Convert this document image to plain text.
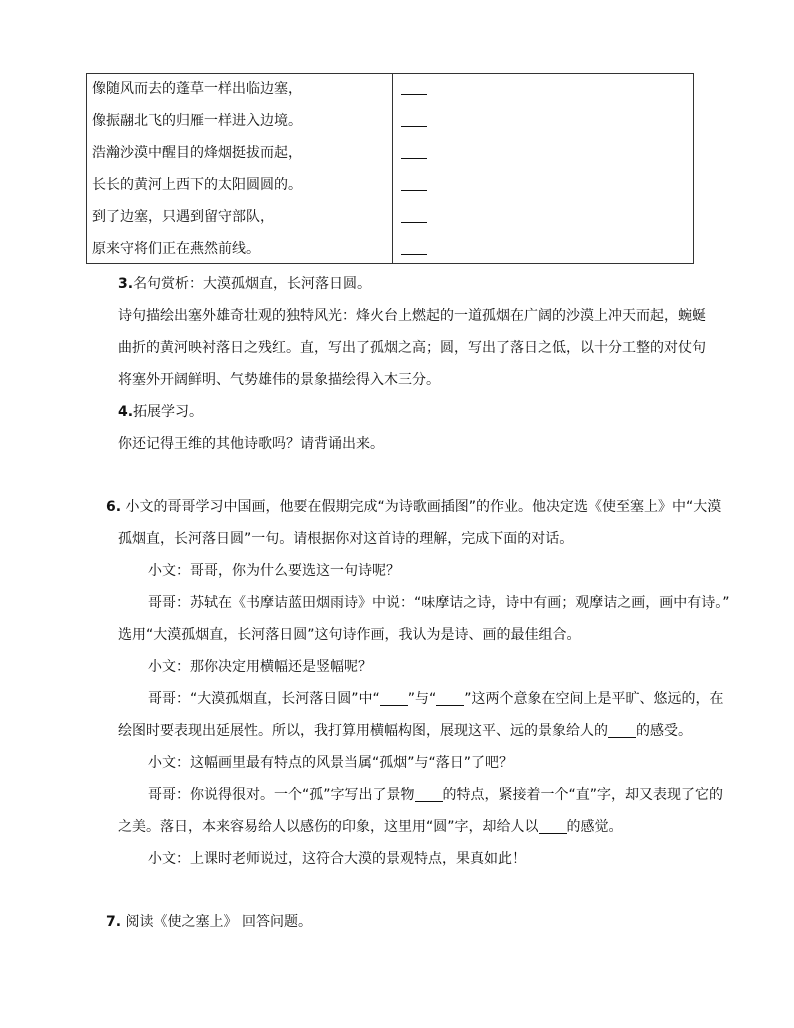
像随风而去的蓬草一样出临边塞，
像振翮北飞的归雁一样进入边境。
浩瀚沙漠中醒目的烽烟挺拔而起，
长长的黄河上西下的太阳圆圆的。
到了边塞，只遇到留守部队，
原来守将们正在燕然前线。
3.名句赏析：大漠孤烟直，长河落日圆。
诗句描绘出塞外雄奇壮观的独特风光：烽火台上燃起的一道孤烟在广阔的沙漠上冲天而起，蜿蜒
曲折的黄河映衬落日之残红。直，写出了孤烟之高；圆，写出了落日之低，以十分工整的对仗句
将塞外开阔鲜明、气势雄伟的景象描绘得入木三分。
4.拓展学习。
你还记得王维的其他诗歌吗？请背诵出来。
6. 小文的哥哥学习中国画，他要在假期完成“为诗歌画插图”的作业。他决定选《使至塞上》中“大漠
孤烟直，长河落日圆”一句。请根据你对这首诗的理解，完成下面的对话。
小文：哥哥，你为什么要选这一句诗呢？
哥哥：苏轼在《书摩诘蓝田烟雨诗》中说：“味摩诘之诗，诗中有画；观摩诘之画，画中有诗。”
选用“大漠孤烟直，长河落日圆”这句诗作画，我认为是诗、画的最佳组合。
小文：那你决定用横幅还是竖幅呢？
哥哥：“大漠孤烟直，长河落日圆”中“ ”与“ ”这两个意象在空间上是平旷、悠远的，在
绘图时要表现出延展性。所以，我打算用横幅构图，展现这平、远的景象给人的 的感受。
小文：这幅画里最有特点的风景当属“孤烟”与“落日”了吧？
哥哥：你说得很对。一个“孤”字写出了景物 的特点，紧接着一个“直”字，却又表现了它的
之美。落日，本来容易给人以感伤的印象，这里用“圆”字，却给人以 的感觉。
小文：上课时老师说过，这符合大漠的景观特点，果真如此！
7. 阅读《使之塞上》 回答问题。
